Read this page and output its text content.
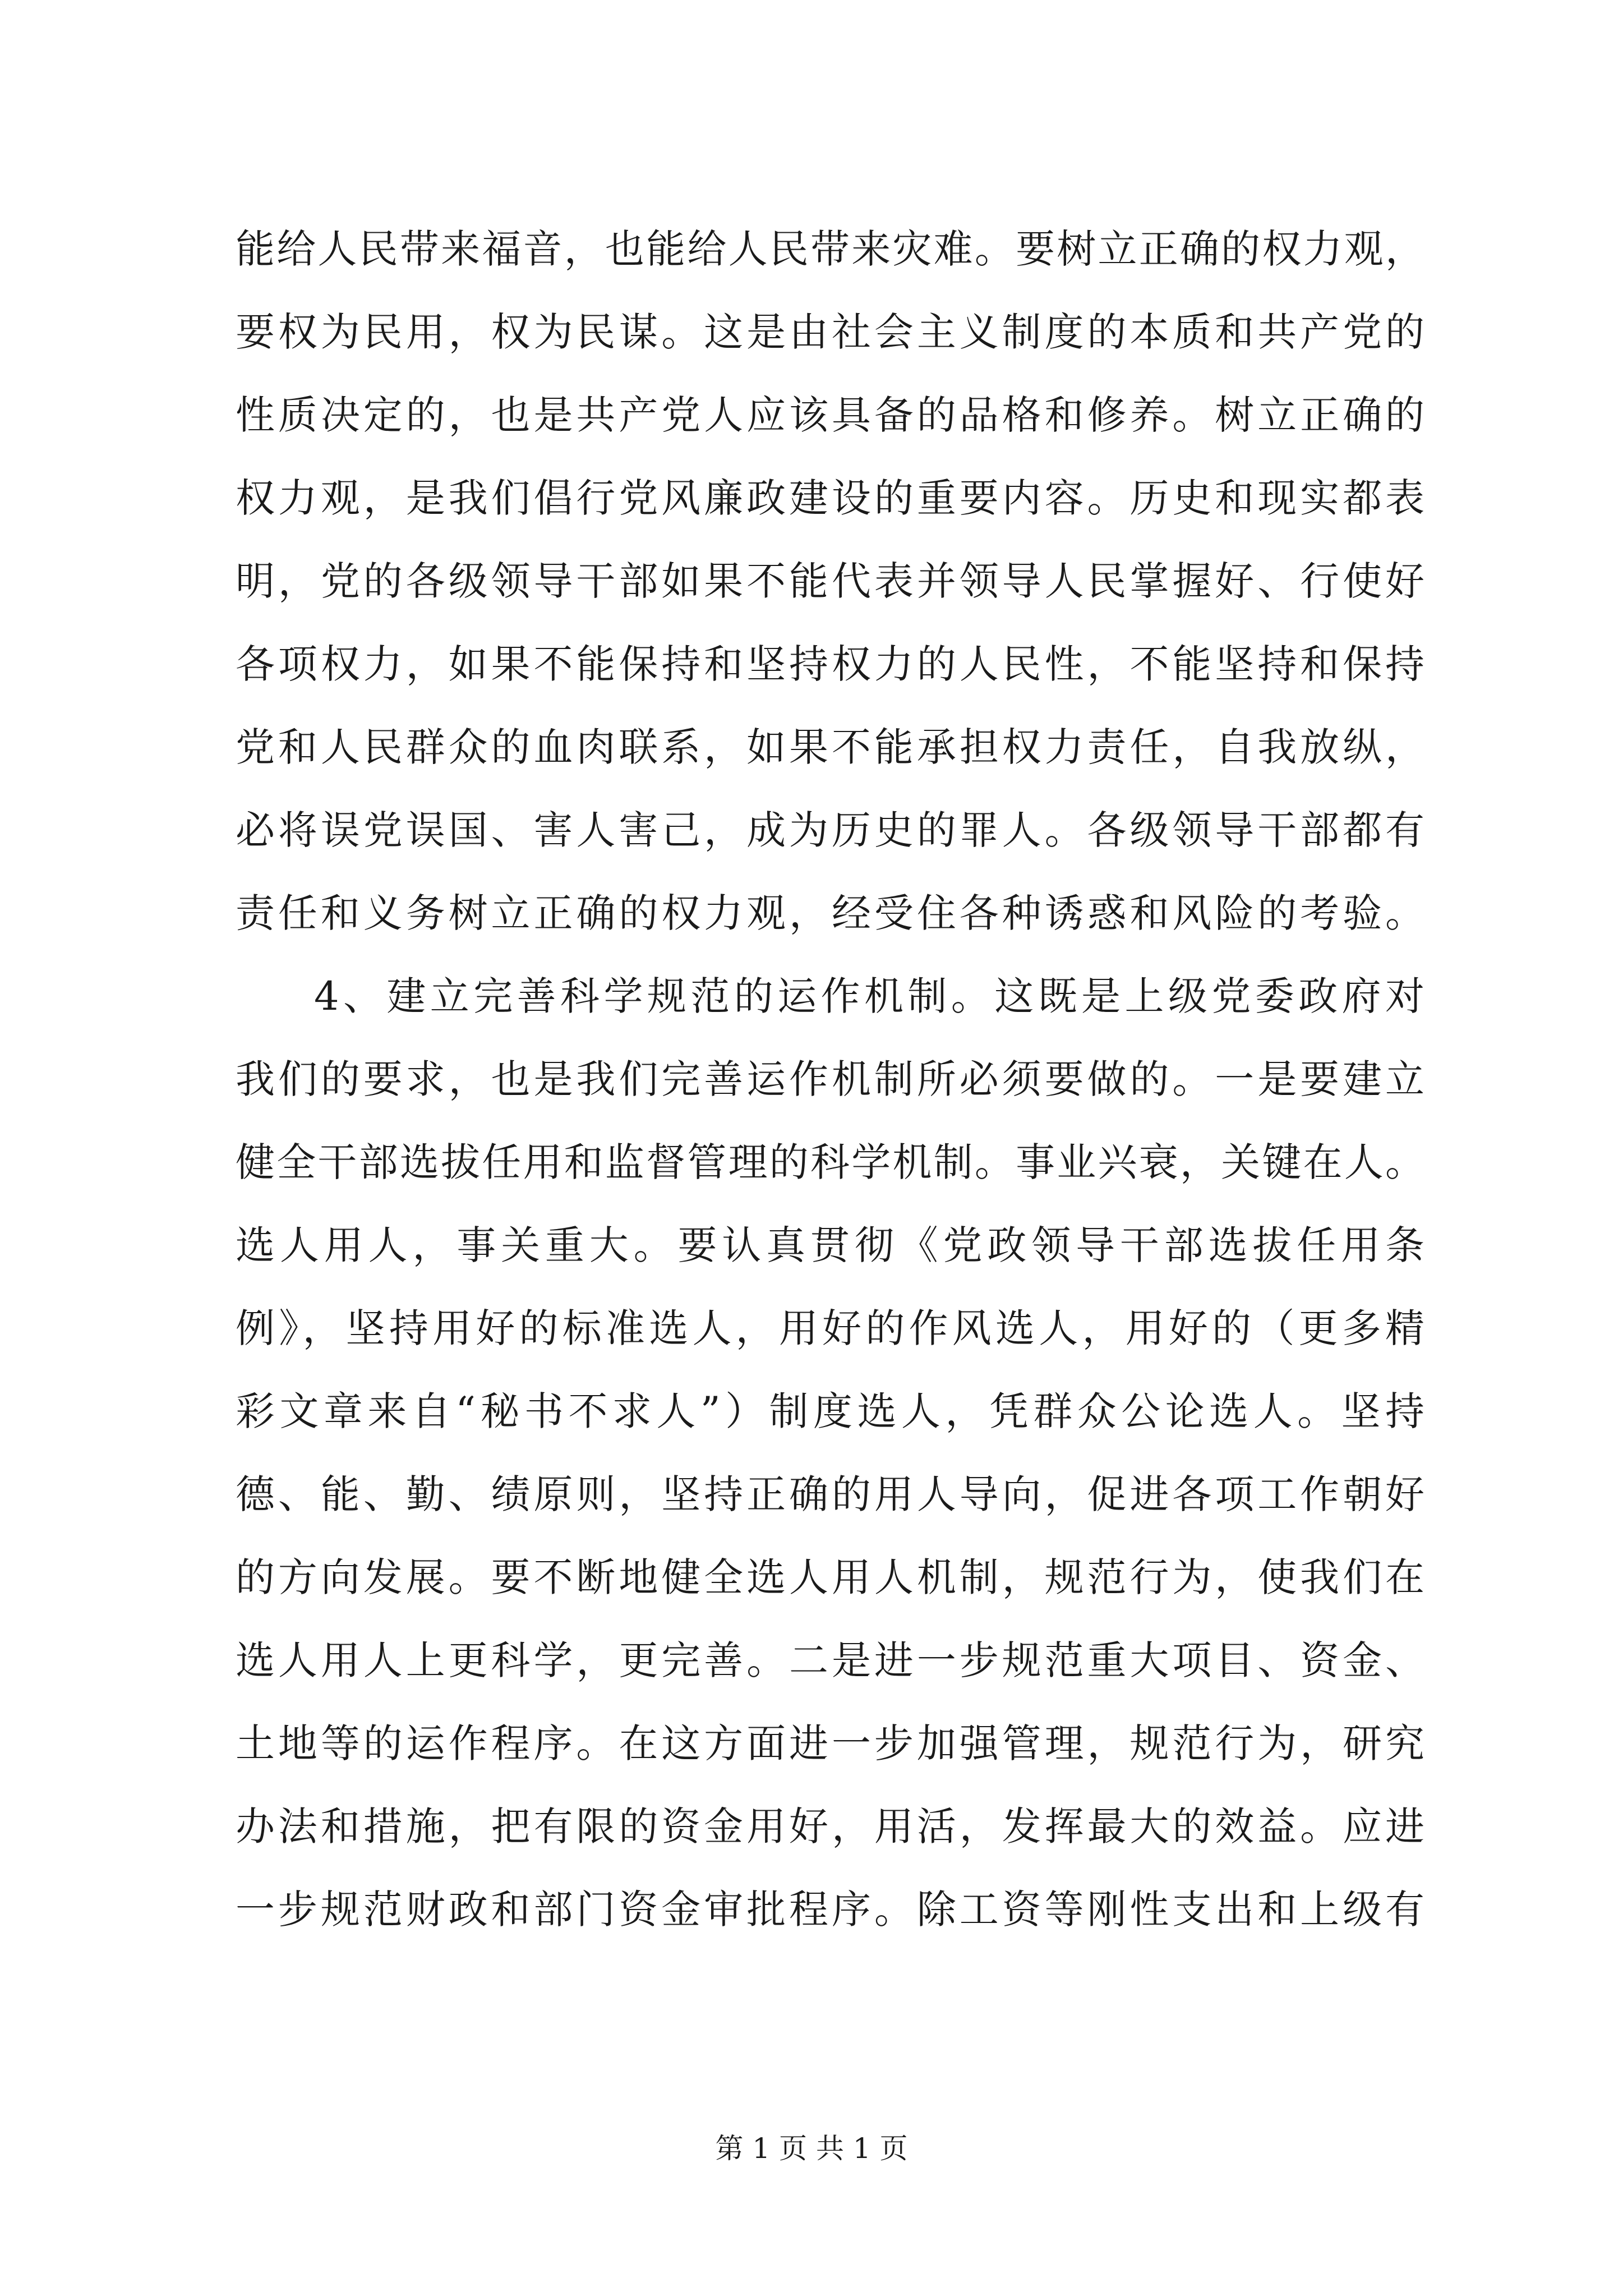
能给人民带来福音，也能给人民带来灾难。要树立正确的权力观，
要权为民用，权为民谋。这是由社会主义制度的本质和共产党的
性质决定的，也是共产党人应该具备的品格和修养。树立正确的
权力观，是我们倡行党风廉政建设的重要内容。历史和现实都表
明，党的各级领导干部如果不能代表并领导人民掌握好、行使好
各项权力，如果不能保持和坚持权力的人民性，不能坚持和保持
党和人民群众的血肉联系，如果不能承担权力责任，自我放纵，
必将误党误国、害人害己，成为历史的罪人。各级领导干部都有
责任和义务树立正确的权力观，经受住各种诱惑和风险的考验。
4、建立完善科学规范的运作机制。这既是上级党委政府对
我们的要求，也是我们完善运作机制所必须要做的。一是要建立
健全干部选拔任用和监督管理的科学机制。事业兴衰，关键在人。
选人用人，事关重大。要认真贯彻《党政领导干部选拔任用条
例》，坚持用好的标准选人，用好的作风选人，用好的（更多精
彩文章来自“秘书不求人”）制度选人，凭群众公论选人。坚持
德、能、勤、绩原则，坚持正确的用人导向，促进各项工作朝好
的方向发展。要不断地健全选人用人机制，规范行为，使我们在
选人用人上更科学，更完善。二是进一步规范重大项目、资金、
土地等的运作程序。在这方面进一步加强管理，规范行为，研究
办法和措施，把有限的资金用好，用活，发挥最大的效益。应进
一步规范财政和部门资金审批程序。除工资等刚性支出和上级有
第 1 页 共 1 页
